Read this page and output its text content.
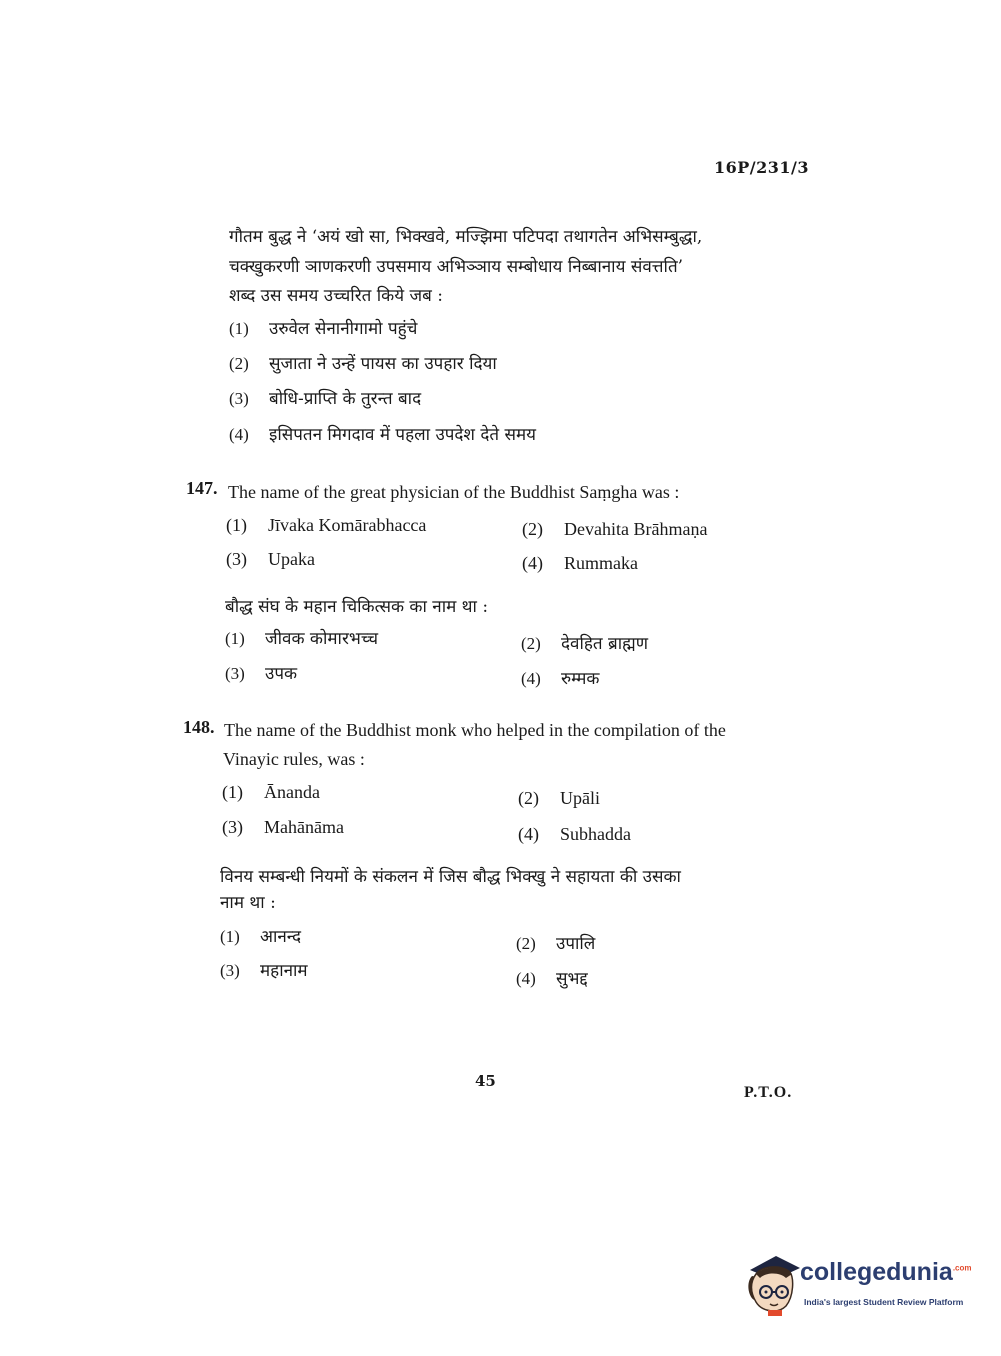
16P/231/3
गौतम बुद्ध ने ‘अयं खो सा, भिक्खवे, मज्झिमा पटिपदा तथागतेन अभिसम्बुद्धा,
चक्खुकरणी ञाणकरणी उपसमाय अभिञ्ञाय सम्बोधाय निब्बानाय संवत्तति’
शब्द उस समय उच्चरित किये जब :
(1) उरुवेल सेनानीगामो पहुंचे
(2) सुजाता ने उन्हें पायस का उपहार दिया
(3) बोधि-प्राप्ति के तुरन्त बाद
(4) इसिपतन मिगदाव में पहला उपदेश देते समय
147. The name of the great physician of the Buddhist Saṃgha was :
(1) Jīvaka Komārabhacca	(2) Devahita Brāhmaṇa
(3) Upaka	(4) Rummaka
बौद्ध संघ के महान चिकित्सक का नाम था :
(1) जीवक कोमारभच्च	(2) देवहित ब्राह्मण
(3) उपक	(4) रुम्मक
148. The name of the Buddhist monk who helped in the compilation of the
Vinayic rules, was :
(1) Ānanda	(2) Upāli
(3) Mahānāma	(4) Subhadda
विनय सम्बन्धी नियमों के संकलन में जिस बौद्ध भिक्खु ने सहायता की उसका
नाम था :
(1) आनन्द	(2) उपालि
(3) महानाम	(4) सुभद्द
45
P.T.O.
collegedunia$^{.com}$
India's largest Student Review Platform
